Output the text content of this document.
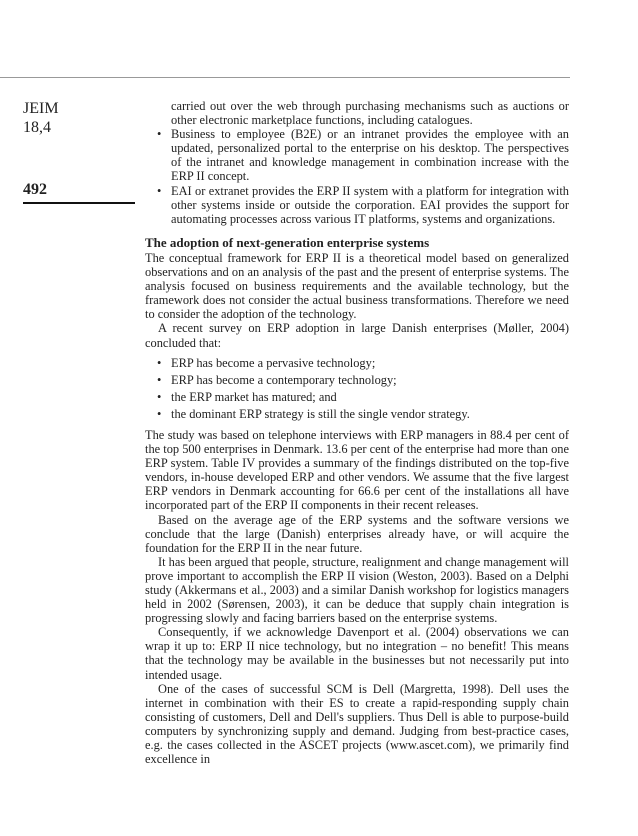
JEIM
18,4
492

carried out over the web through purchasing mechanisms such as auctions or other electronic marketplace functions, including catalogues.

• Business to employee (B2E) or an intranet provides the employee with an updated, personalized portal to the enterprise on his desktop. The perspectives of the intranet and knowledge management in combination increase with the ERP II concept.
• EAI or extranet provides the ERP II system with a platform for integration with other systems inside or outside the corporation. EAI provides the support for automating processes across various IT platforms, systems and organizations.
The adoption of next-generation enterprise systems

The conceptual framework for ERP II is a theoretical model based on generalized observations and on an analysis of the past and the present of enterprise systems. The analysis focused on business requirements and the available technology, but the framework does not consider the actual business transformations. Therefore we need to consider the adoption of the technology.

A recent survey on ERP adoption in large Danish enterprises (Møller, 2004) concluded that:

• ERP has become a pervasive technology;
• ERP has become a contemporary technology;
• the ERP market has matured; and
• the dominant ERP strategy is still the single vendor strategy.

The study was based on telephone interviews with ERP managers in 88.4 per cent of the top 500 enterprises in Denmark. 13.6 per cent of the enterprise had more than one ERP system. Table IV provides a summary of the findings distributed on the top-five vendors, in-house developed ERP and other vendors. We assume that the five largest ERP vendors in Denmark accounting for 66.6 per cent of the installations all have incorporated part of the ERP II components in their recent releases.

Based on the average age of the ERP systems and the software versions we conclude that the large (Danish) enterprises already have, or will acquire the foundation for the ERP II in the near future.

It has been argued that people, structure, realignment and change management will prove important to accomplish the ERP II vision (Weston, 2003). Based on a Delphi study (Akkermans et al., 2003) and a similar Danish workshop for logistics managers held in 2002 (Sørensen, 2003), it can be deduce that supply chain integration is progressing slowly and facing barriers based on the enterprise systems.

Consequently, if we acknowledge Davenport et al. (2004) observations we can wrap it up to: ERP II nice technology, but no integration – no benefit! This means that the technology may be available in the businesses but not necessarily put into intended usage.

One of the cases of successful SCM is Dell (Margretta, 1998). Dell uses the internet in combination with their ES to create a rapid-responding supply chain consisting of customers, Dell and Dell's suppliers. Thus Dell is able to purpose-build computers by synchronizing supply and demand. Judging from best-practice cases, e.g. the cases collected in the ASCET projects (www.ascet.com), we primarily find excellence in
